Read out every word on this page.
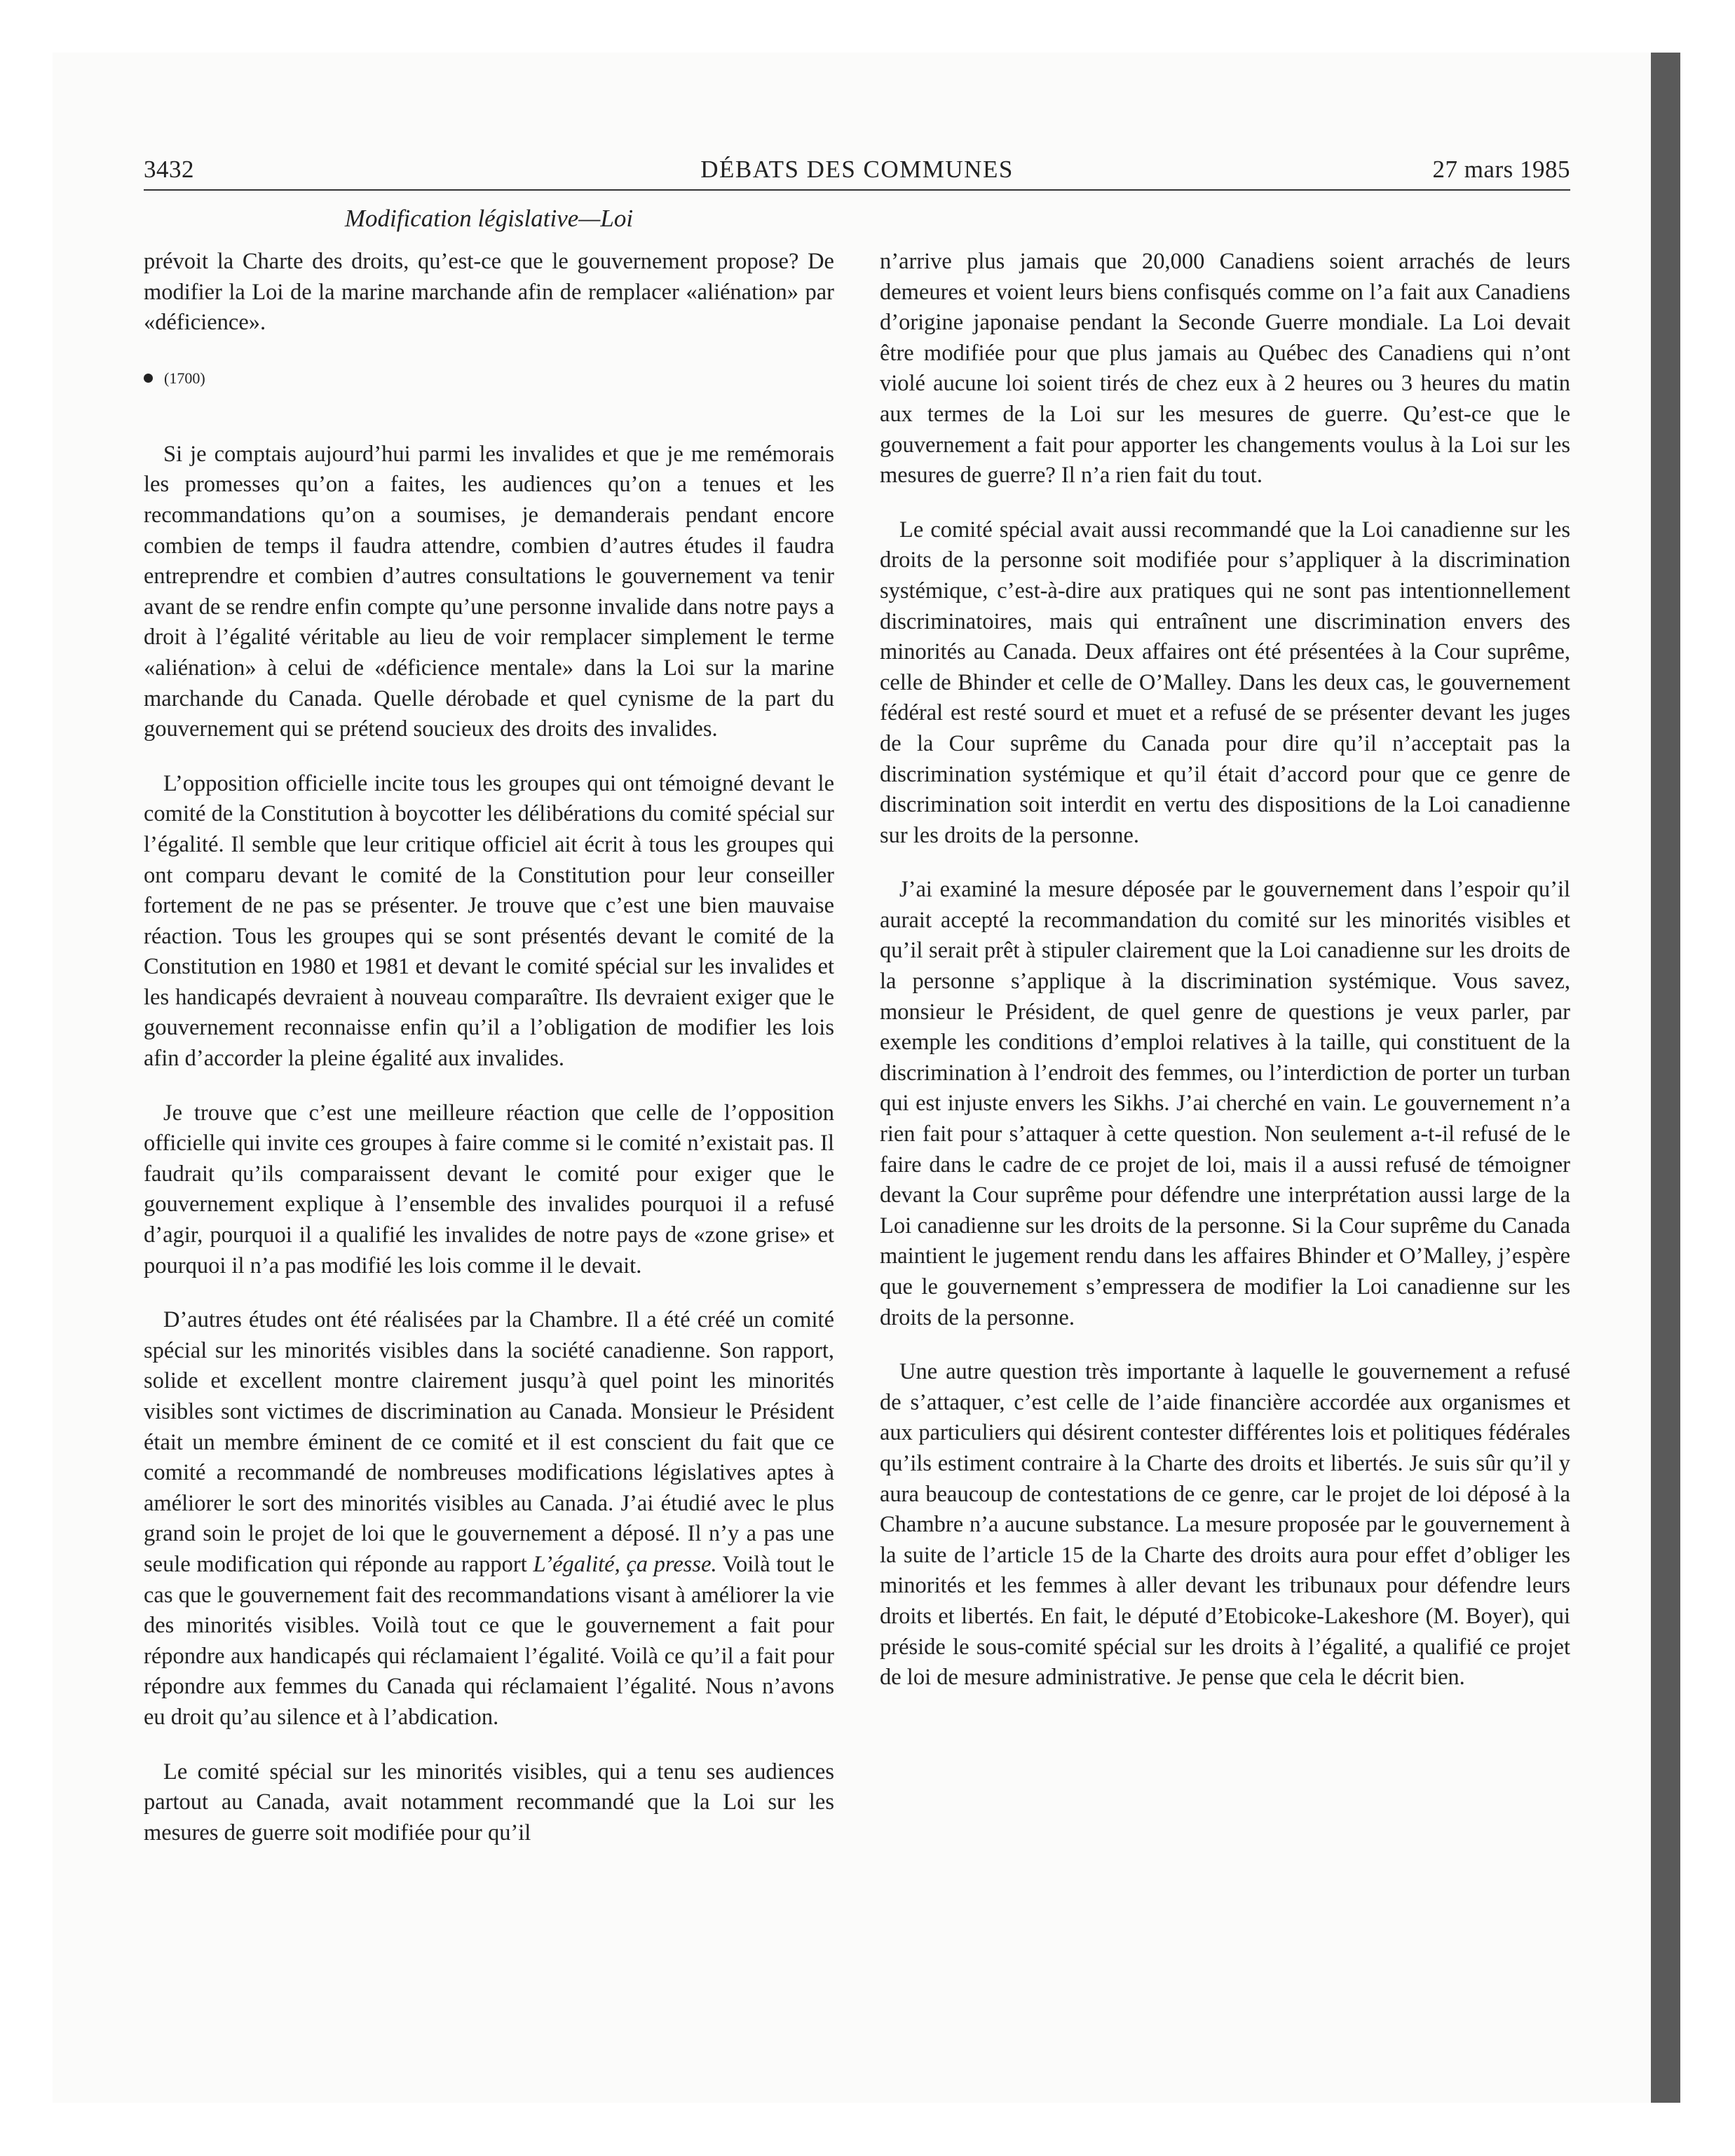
3432	DÉBATS DES COMMUNES	27 mars 1985
Modification législative—Loi

prévoit la Charte des droits, qu’est-ce que le gouvernement propose? De modifier la Loi de la marine marchande afin de remplacer «aliénation» par «déficience».

(1700)

Si je comptais aujourd’hui parmi les invalides et que je me remémorais les promesses qu’on a faites, les audiences qu’on a tenues et les recommandations qu’on a soumises, je demanderais pendant encore combien de temps il faudra attendre, combien d’autres études il faudra entreprendre et combien d’autres consultations le gouvernement va tenir avant de se rendre enfin compte qu’une personne invalide dans notre pays a droit à l’égalité véritable au lieu de voir remplacer simplement le terme «aliénation» à celui de «déficience mentale» dans la Loi sur la marine marchande du Canada. Quelle dérobade et quel cynisme de la part du gouvernement qui se prétend soucieux des droits des invalides.

L’opposition officielle incite tous les groupes qui ont témoigné devant le comité de la Constitution à boycotter les délibérations du comité spécial sur l’égalité. Il semble que leur critique officiel ait écrit à tous les groupes qui ont comparu devant le comité de la Constitution pour leur conseiller fortement de ne pas se présenter. Je trouve que c’est une bien mauvaise réaction. Tous les groupes qui se sont présentés devant le comité de la Constitution en 1980 et 1981 et devant le comité spécial sur les invalides et les handicapés devraient à nouveau comparaître. Ils devraient exiger que le gouvernement reconnaisse enfin qu’il a l’obligation de modifier les lois afin d’accorder la pleine égalité aux invalides.

Je trouve que c’est une meilleure réaction que celle de l’opposition officielle qui invite ces groupes à faire comme si le comité n’existait pas. Il faudrait qu’ils comparaissent devant le comité pour exiger que le gouvernement explique à l’ensemble des invalides pourquoi il a refusé d’agir, pourquoi il a qualifié les invalides de notre pays de «zone grise» et pourquoi il n’a pas modifié les lois comme il le devait.

D’autres études ont été réalisées par la Chambre. Il a été créé un comité spécial sur les minorités visibles dans la société canadienne. Son rapport, solide et excellent montre clairement jusqu’à quel point les minorités visibles sont victimes de discrimination au Canada. Monsieur le Président était un membre éminent de ce comité et il est conscient du fait que ce comité a recommandé de nombreuses modifications législatives aptes à améliorer le sort des minorités visibles au Canada. J’ai étudié avec le plus grand soin le projet de loi que le gouvernement a déposé. Il n’y a pas une seule modification qui réponde au rapport L’égalité, ça presse. Voilà tout le cas que le gouvernement fait des recommandations visant à améliorer la vie des minorités visibles. Voilà tout ce que le gouvernement a fait pour répondre aux handicapés qui réclamaient l’égalité. Voilà ce qu’il a fait pour répondre aux femmes du Canada qui réclamaient l’égalité. Nous n’avons eu droit qu’au silence et à l’abdication.

Le comité spécial sur les minorités visibles, qui a tenu ses audiences partout au Canada, avait notamment recommandé que la Loi sur les mesures de guerre soit modifiée pour qu’il

n’arrive plus jamais que 20,000 Canadiens soient arrachés de leurs demeures et voient leurs biens confisqués comme on l’a fait aux Canadiens d’origine japonaise pendant la Seconde Guerre mondiale. La Loi devait être modifiée pour que plus jamais au Québec des Canadiens qui n’ont violé aucune loi soient tirés de chez eux à 2 heures ou 3 heures du matin aux termes de la Loi sur les mesures de guerre. Qu’est-ce que le gouvernement a fait pour apporter les changements voulus à la Loi sur les mesures de guerre? Il n’a rien fait du tout.

Le comité spécial avait aussi recommandé que la Loi canadienne sur les droits de la personne soit modifiée pour s’appliquer à la discrimination systémique, c’est-à-dire aux pratiques qui ne sont pas intentionnellement discriminatoires, mais qui entraînent une discrimination envers des minorités au Canada. Deux affaires ont été présentées à la Cour suprême, celle de Bhinder et celle de O’Malley. Dans les deux cas, le gouvernement fédéral est resté sourd et muet et a refusé de se présenter devant les juges de la Cour suprême du Canada pour dire qu’il n’acceptait pas la discrimination systémique et qu’il était d’accord pour que ce genre de discrimination soit interdit en vertu des dispositions de la Loi canadienne sur les droits de la personne.

J’ai examiné la mesure déposée par le gouvernement dans l’espoir qu’il aurait accepté la recommandation du comité sur les minorités visibles et qu’il serait prêt à stipuler clairement que la Loi canadienne sur les droits de la personne s’applique à la discrimination systémique. Vous savez, monsieur le Président, de quel genre de questions je veux parler, par exemple les conditions d’emploi relatives à la taille, qui constituent de la discrimination à l’endroit des femmes, ou l’interdiction de porter un turban qui est injuste envers les Sikhs. J’ai cherché en vain. Le gouvernement n’a rien fait pour s’attaquer à cette question. Non seulement a-t-il refusé de le faire dans le cadre de ce projet de loi, mais il a aussi refusé de témoigner devant la Cour suprême pour défendre une interprétation aussi large de la Loi canadienne sur les droits de la personne. Si la Cour suprême du Canada maintient le jugement rendu dans les affaires Bhinder et O’Malley, j’espère que le gouvernement s’empressera de modifier la Loi canadienne sur les droits de la personne.

Une autre question très importante à laquelle le gouvernement a refusé de s’attaquer, c’est celle de l’aide financière accordée aux organismes et aux particuliers qui désirent contester différentes lois et politiques fédérales qu’ils estiment contraire à la Charte des droits et libertés. Je suis sûr qu’il y aura beaucoup de contestations de ce genre, car le projet de loi déposé à la Chambre n’a aucune substance. La mesure proposée par le gouvernement à la suite de l’article 15 de la Charte des droits aura pour effet d’obliger les minorités et les femmes à aller devant les tribunaux pour défendre leurs droits et libertés. En fait, le député d’Etobicoke-Lakeshore (M. Boyer), qui préside le sous-comité spécial sur les droits à l’égalité, a qualifié ce projet de loi de mesure administrative. Je pense que cela le décrit bien.
